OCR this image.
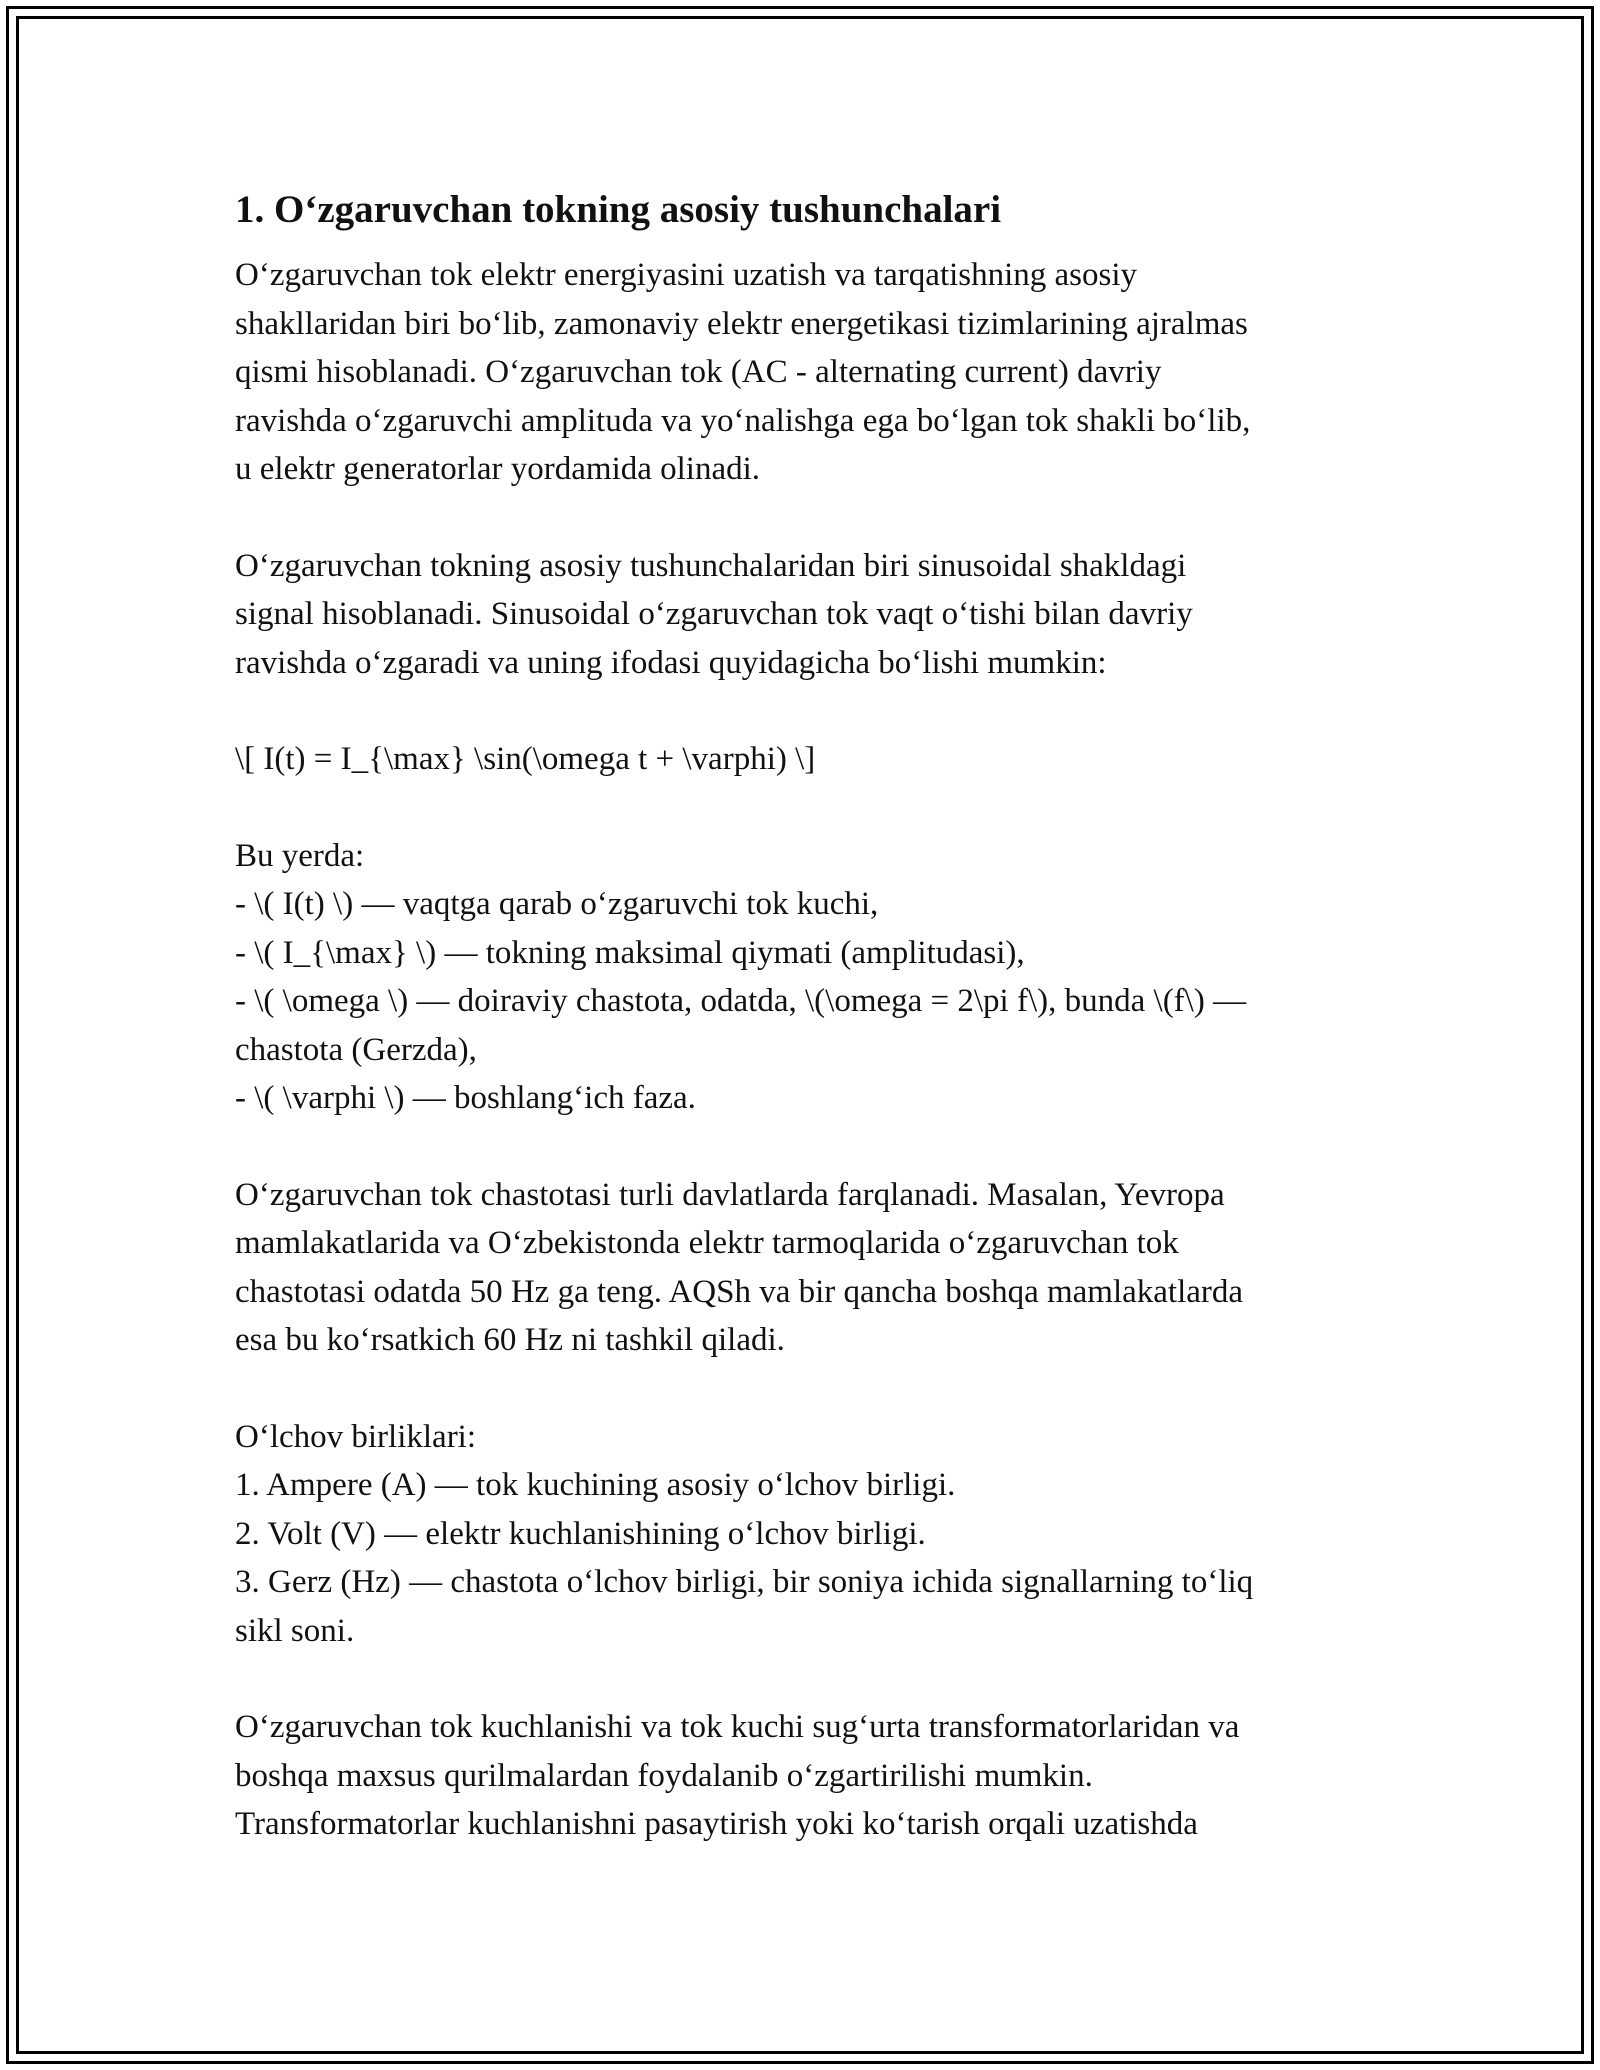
1. O‘zgaruvchan tokning asosiy tushunchalari

O‘zgaruvchan tok elektr energiyasini uzatish va tarqatishning asosiy
shakllaridan biri bo‘lib, zamonaviy elektr energetikasi tizimlarining ajralmas
qismi hisoblanadi. O‘zgaruvchan tok (AC - alternating current) davriy
ravishda o‘zgaruvchi amplituda va yo‘nalishga ega bo‘lgan tok shakli bo‘lib,
u elektr generatorlar yordamida olinadi.

O‘zgaruvchan tokning asosiy tushunchalaridan biri sinusoidal shakldagi
signal hisoblanadi. Sinusoidal o‘zgaruvchan tok vaqt o‘tishi bilan davriy
ravishda o‘zgaradi va uning ifodasi quyidagicha bo‘lishi mumkin:

\[ I(t) = I_{\max} \sin(\omega t + \varphi) \]

Bu yerda:
- \( I(t) \) — vaqtga qarab o‘zgaruvchi tok kuchi,
- \( I_{\max} \) — tokning maksimal qiymati (amplitudasi),
- \( \omega \) — doiraviy chastota, odatda, \(\omega = 2\pi f\), bunda \(f\) —
chastota (Gerzda),
- \( \varphi \) — boshlang‘ich faza.

O‘zgaruvchan tok chastotasi turli davlatlarda farqlanadi. Masalan, Yevropa
mamlakatlarida va O‘zbekistonda elektr tarmoqlarida o‘zgaruvchan tok
chastotasi odatda 50 Hz ga teng. AQSh va bir qancha boshqa mamlakatlarda
esa bu ko‘rsatkich 60 Hz ni tashkil qiladi.

O‘lchov birliklari:
1. Ampere (A) — tok kuchining asosiy o‘lchov birligi.
2. Volt (V) — elektr kuchlanishining o‘lchov birligi.
3. Gerz (Hz) — chastota o‘lchov birligi, bir soniya ichida signallarning to‘liq
sikl soni.

O‘zgaruvchan tok kuchlanishi va tok kuchi sug‘urta transformatorlaridan va
boshqa maxsus qurilmalardan foydalanib o‘zgartirilishi mumkin.
Transformatorlar kuchlanishni pasaytirish yoki ko‘tarish orqali uzatishda
